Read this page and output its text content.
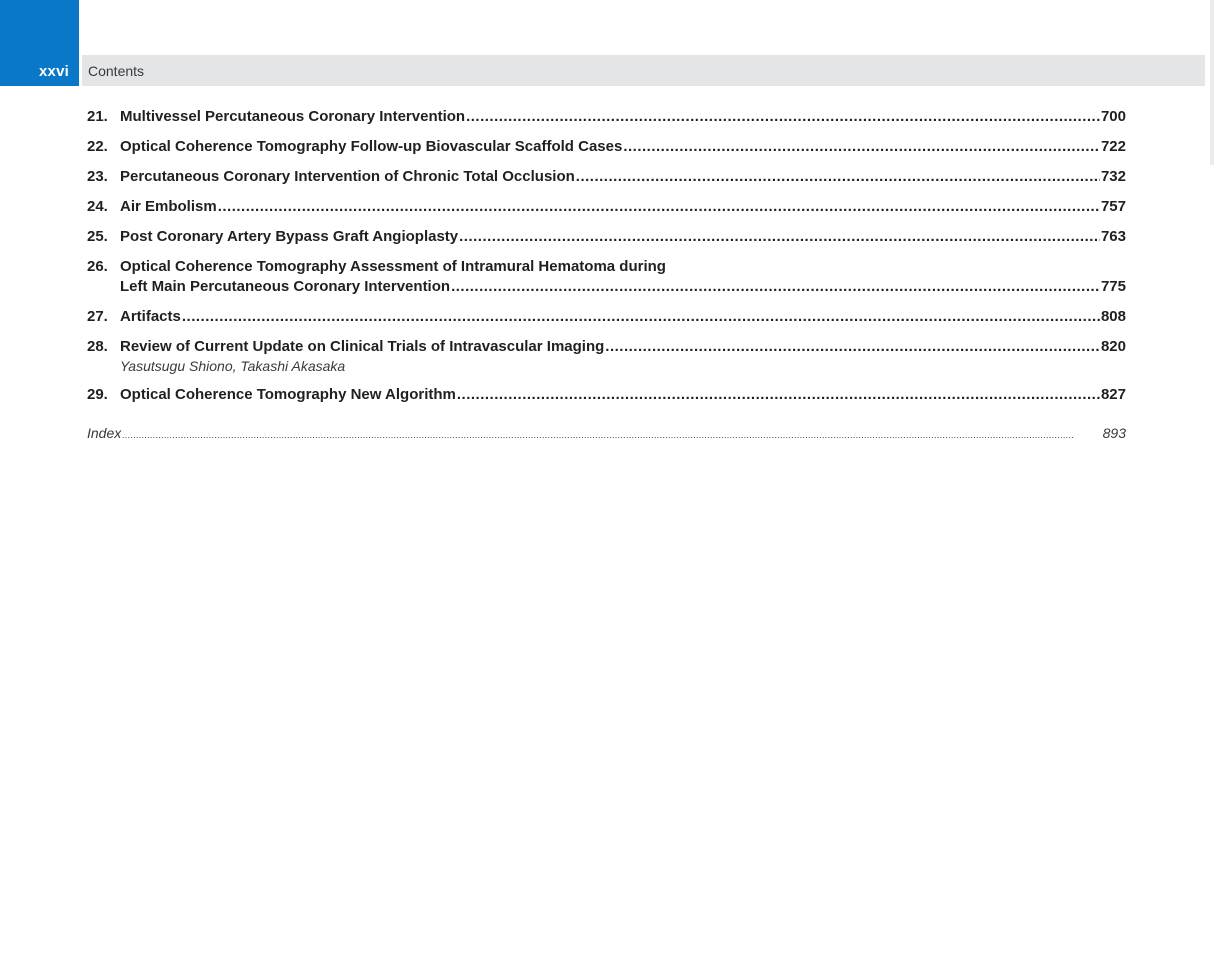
xxvi Contents
21. Multivessel Percutaneous Coronary Intervention .....	700
22. Optical Coherence Tomography Follow-up Biovascular Scaffold Cases .....	722
23. Percutaneous Coronary Intervention of Chronic Total Occlusion .....	732
24. Air Embolism .....	757
25. Post Coronary Artery Bypass Graft Angioplasty .....	763
26. Optical Coherence Tomography Assessment of Intramural Hematoma during
Left Main Percutaneous Coronary Intervention .....	775
27. Artifacts .....	808
28. Review of Current Update on Clinical Trials of Intravascular Imaging .....	820
Yasutsugu Shiono, Takashi Akasaka
29. Optical Coherence Tomography New Algorithm .....	827
Index .....	893
